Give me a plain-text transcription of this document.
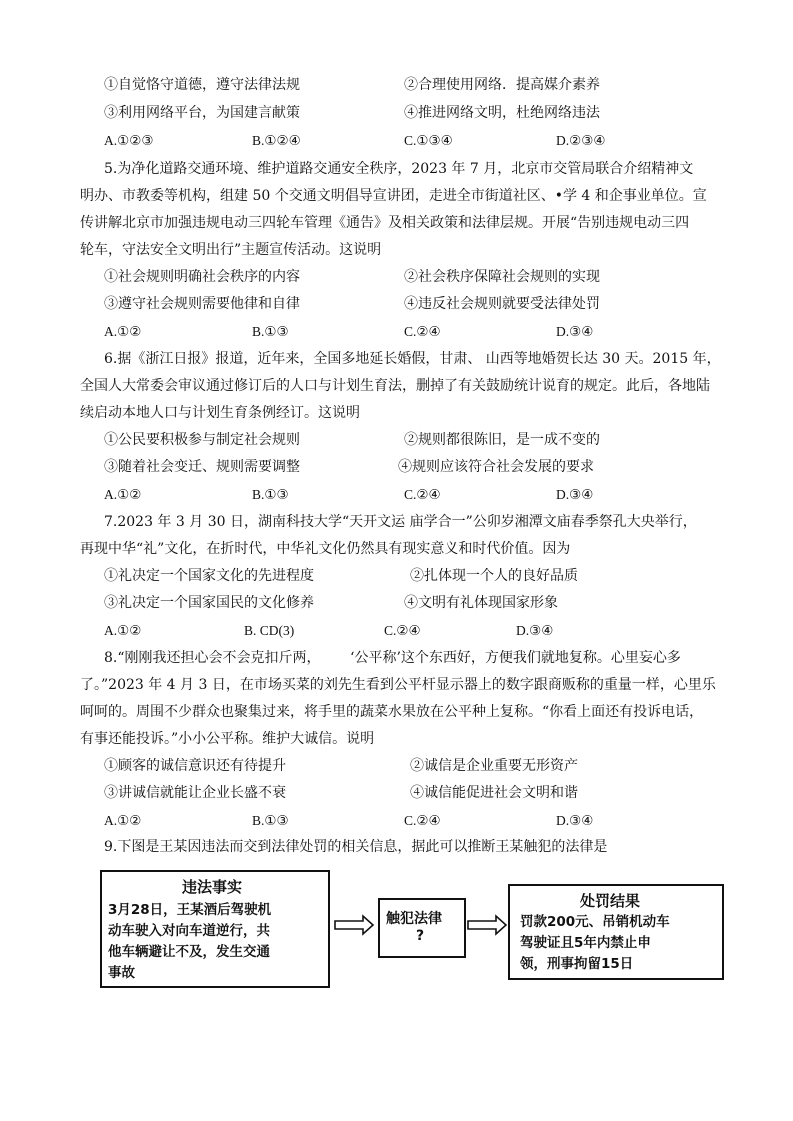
①自觉恪守道德，遵守法律法规	②合理使用网络．提高媒介素养
③利用网络平台，为国建言献策	④推进网络文明，杜绝网络违法
A.①②③	B.①②④	C.①③④	D.②③④
5.为净化道路交通环境、维护道路交通安全秩序，2023 年 7 月，北京市交管局联合介绍精神文
明办、市教委等机构，组建 50 个交通文明倡导宣讲团，走进全市街道社区、•学 4 和企事业单位。宣
传讲解北京市加强违规电动三四轮车管理《通告》及相关政策和法律层规。开展“告别违规电动三四
轮车，守法安全文明出行”主题宣传活动。这说明
①社会规则明确社会秩序的内容	②社会秩序保障社会规则的实现
③遵守社会规则需要他律和自律	④违反社会规则就要受法律处罚
A.①②	B.①③	C.②④	D.③④
6.据《浙江日报》报道，近年来，全国多地延长婚假，甘肃、 山西等地婚贺长达 30 天。2015 年，
全国人大常委会审议通过修订后的人口与计划生育法，删掉了有关鼓励统计说育的规定。此后，各地陆
续启动本地人口与计划生育条例经订。这说明
①公民要积极参与制定社会规则	②规则都很陈旧，是一成不变的
③随着社会变迁、规则需要调整	④规则应该符合社会发展的要求
A.①②	B.①③	C.②④	D.③④
7.2023 年 3 月 30 日，湖南科技大学“天开文运 庙学合一”公卯岁湘潭文庙春季祭孔大央举行，
再现中华“礼”文化，在折时代，中华礼文化仍然具有现实意义和时代价值。因为
①礼决定一个国家文化的先进程度	②扎体现一个人的良好品质
③礼决定一个国家国民的文化修养	④文明有礼体现国家形象
A.①②	B. CD(3)	C.②④	D.③④
8.“刚刚我还担心会不会克扣斤两， ‘公平称’这个东西好，方便我们就地复称。心里妄心多
了。”2023 年 4 月 3 日，在市场买菜的刘先生看到公平杆显示器上的数字跟商贩称的重量一样，心里乐
呵呵的。周围不少群众也聚集过来，将手里的蔬菜水果放在公平种上复称。“你看上面还有投诉电话，
有事还能投诉。”小小公平称。维护大诚信。说明
①顾客的诚信意识还有待提升	②诚信是企业重要无形资产
③讲诚信就能让企业长盛不衰	④诚信能促进社会文明和谐
A.①②	B.①③	C.②④	D.③④
9.下图是王某因违法而交到法律处罚的相关信息，据此可以推断王某触犯的法律是
违法事实
3月28日，王某酒后驾驶机
动车驶入对向车道逆行，共
他车辆避让不及，发生交通
事故
触犯法律
?
处罚结果
罚款200元、吊销机动车
驾驶证且5年内禁止申
领，刑事拘留15日
